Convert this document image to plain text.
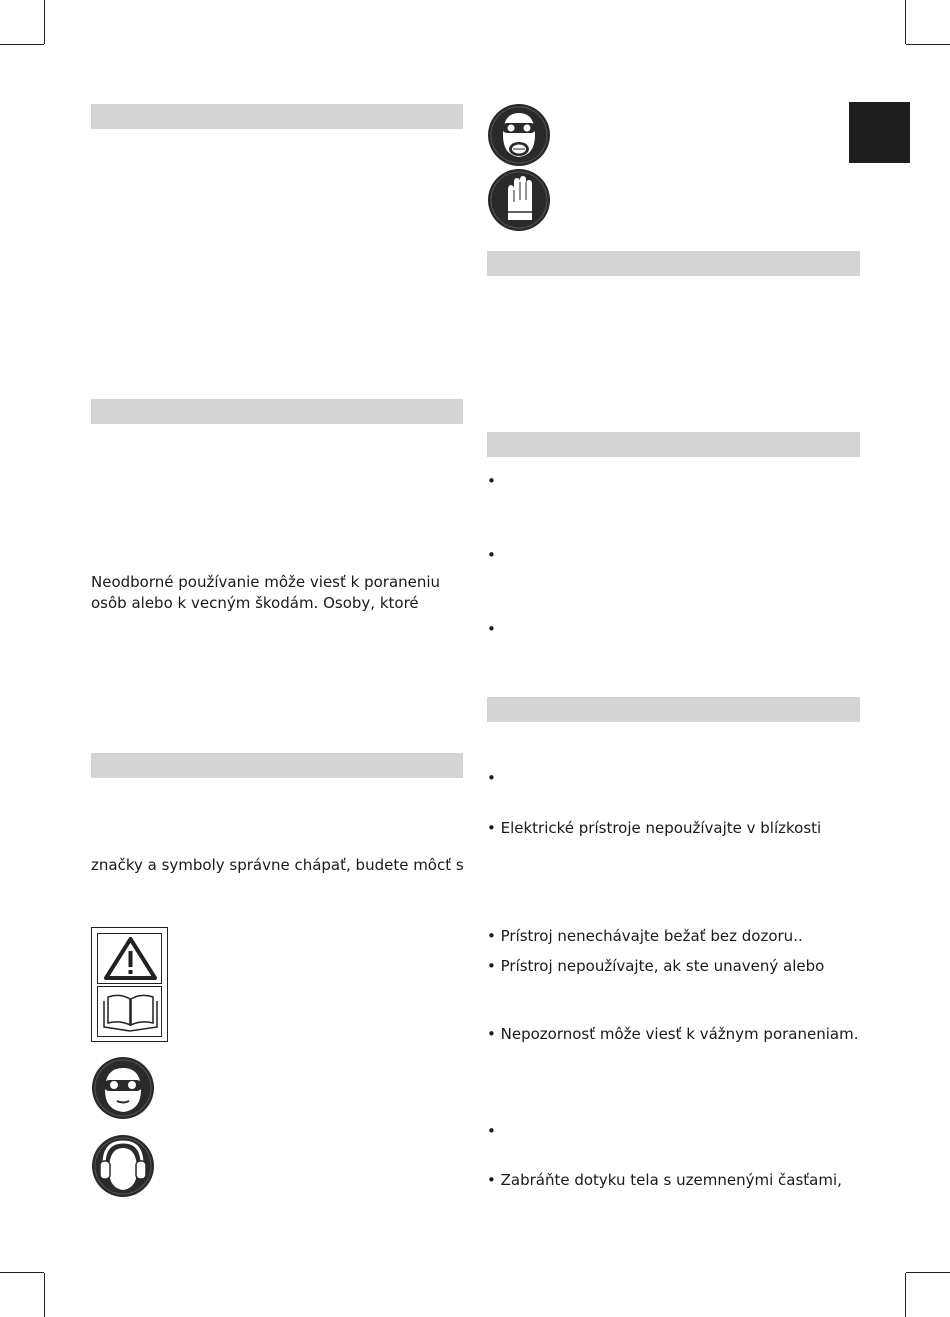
Neodborné používanie môže viesť k poraneniu
osôb alebo k vecným škodám. Osoby, ktoré
značky a symboly správne chápať, budete môcť s
•
•
•
•
•
• Elektrické prístroje nepoužívajte v blízkosti
• Prístroj nenechávajte bežať bez dozoru..
• Prístroj nepoužívajte, ak ste unavený alebo
• Nepozornosť môže viesť k vážnym poraneniam.
• Zabráňte dotyku tela s uzemnenými časťami,
